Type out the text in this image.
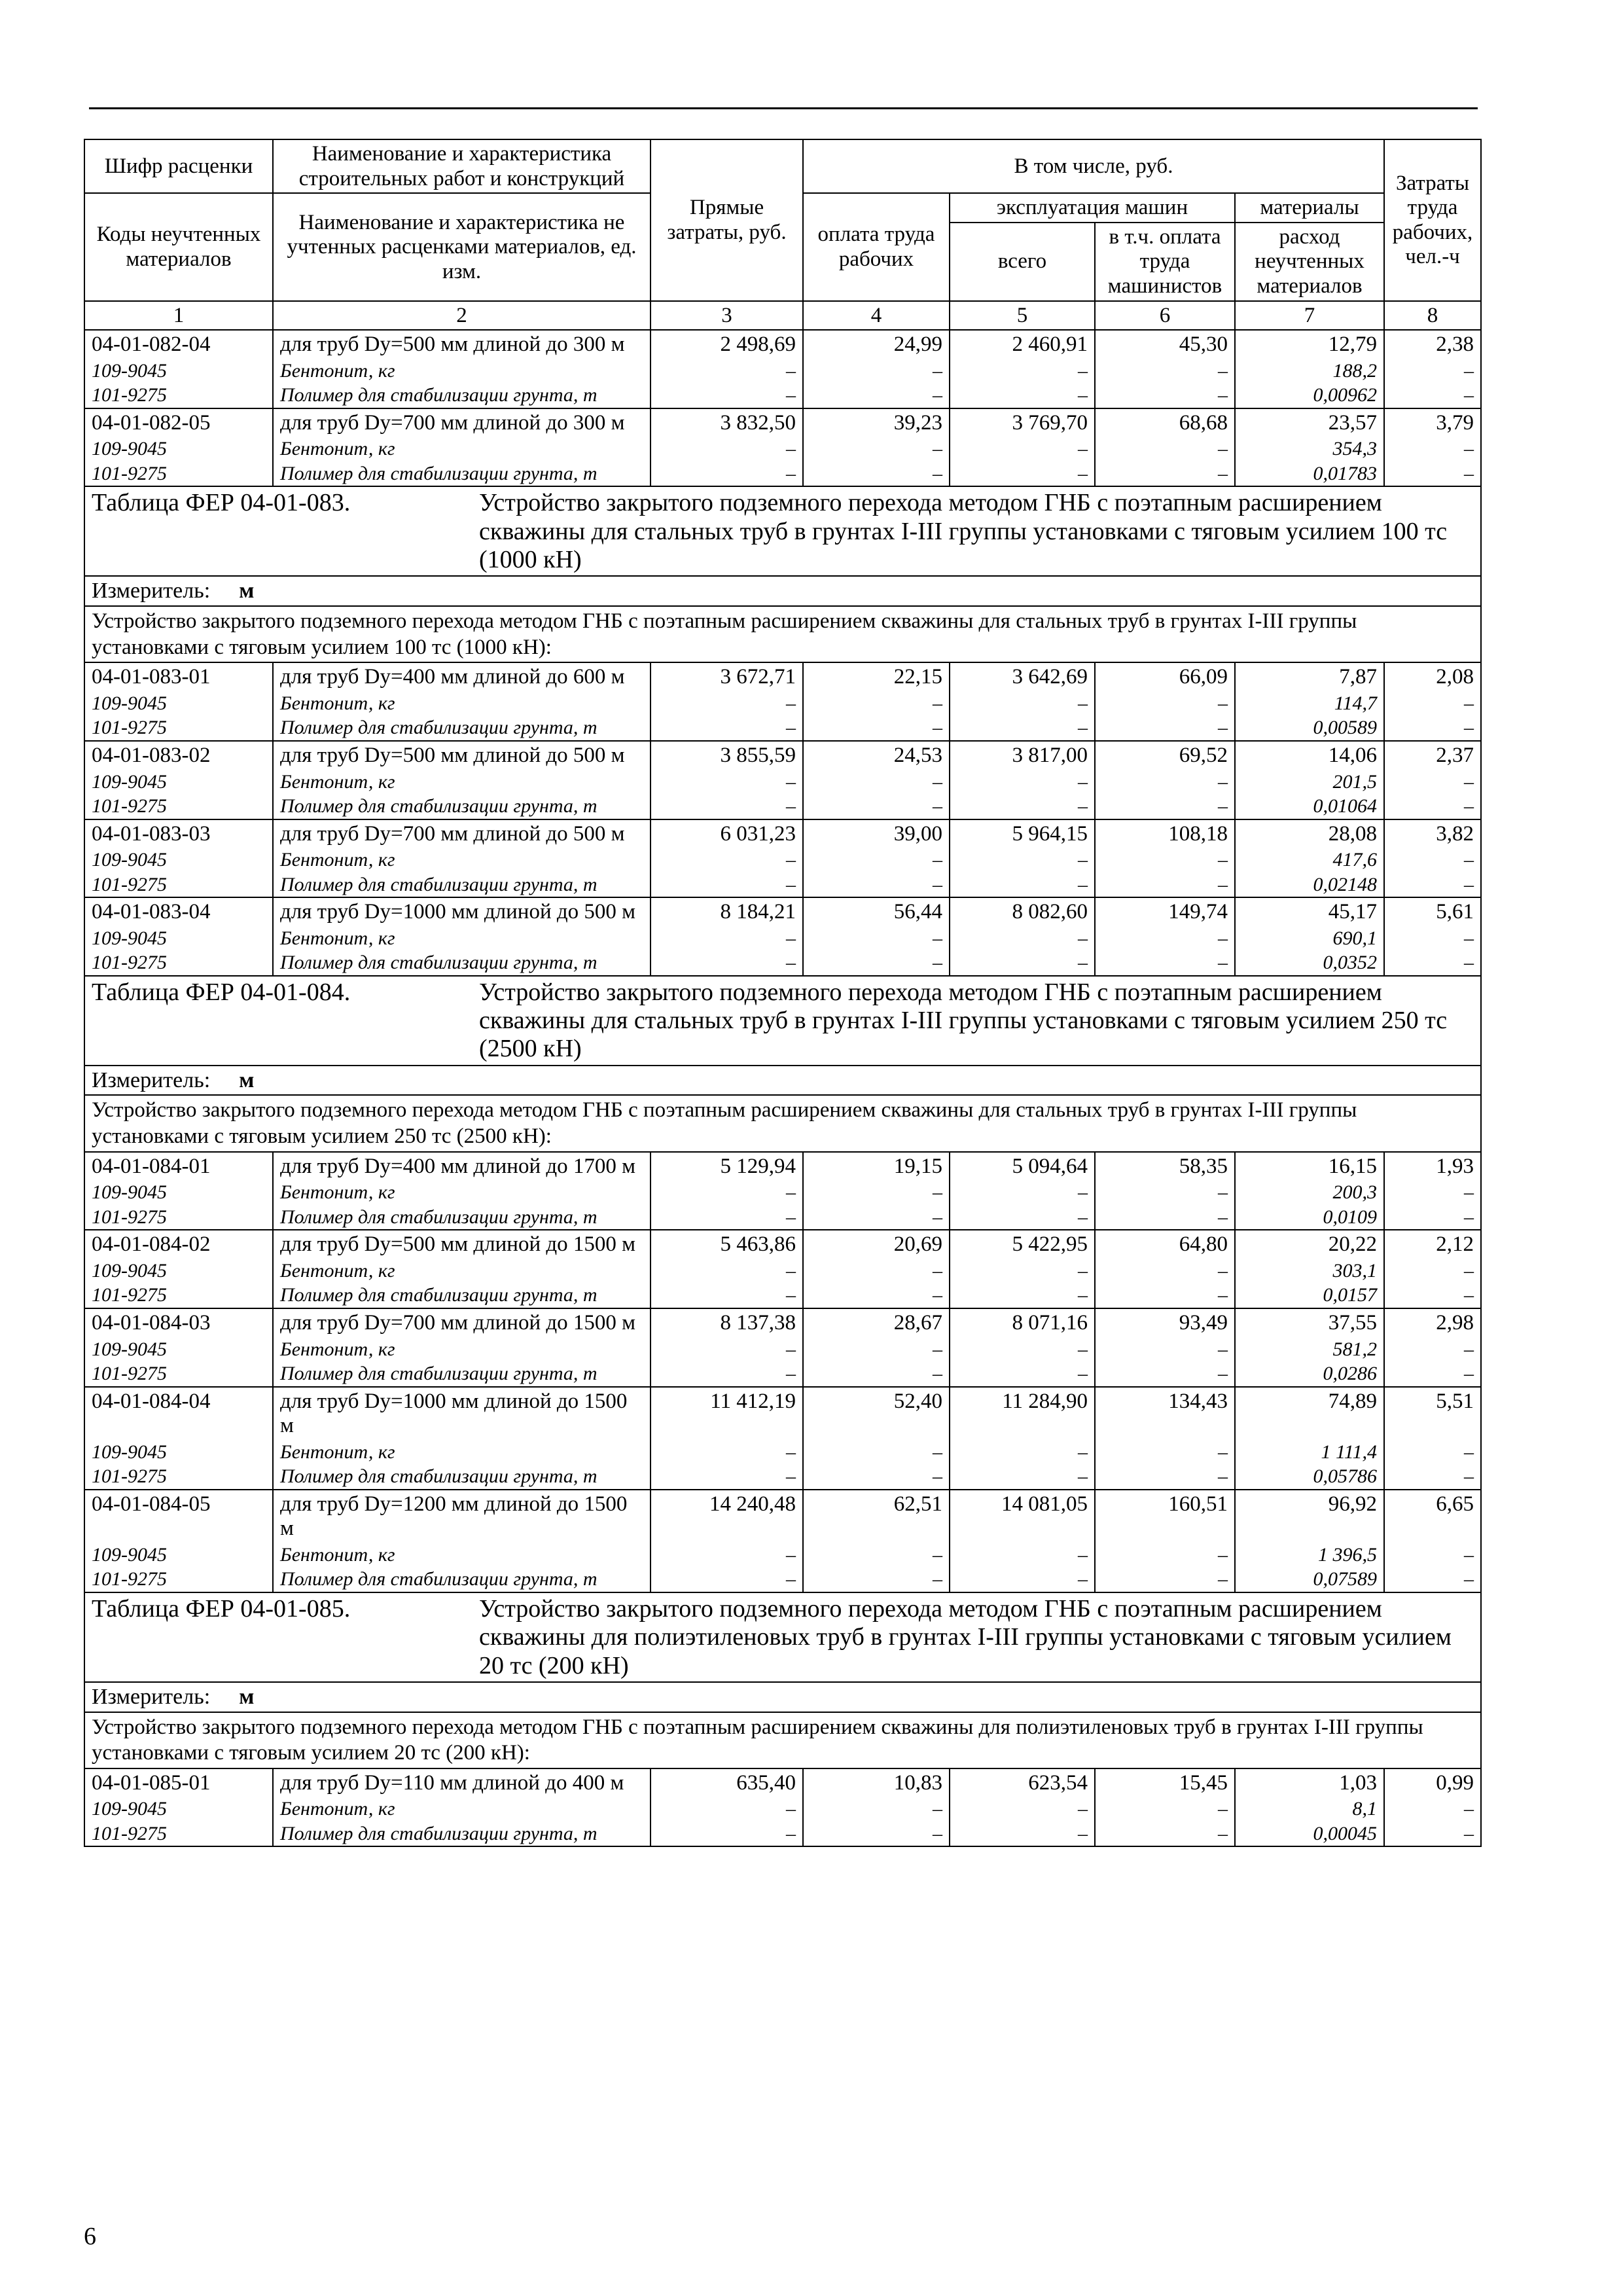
Шифр расценки	Наименование и характеристика строительных работ и конструкций	Прямые затраты, руб.	В том числе, руб.				Затраты труда рабочих, чел.-ч
Коды неучтенных материалов	Наименование и характеристика не учтенных расценками материалов, ед. изм.		оплата труда рабочих	эксплуатация машин		материалы	
				всего	в т.ч. оплата труда машинистов	расход неучтенных материалов	
1	2	3	4	5	6	7	8
04-01-082-04	для труб Dy=500 мм длиной до 300 м	2 498,69	24,99	2 460,91	45,30	12,79	2,38
109-9045	Бентонит, кг	–	–	–	–	188,2	–
101-9275	Полимер для стабилизации грунта, т	–	–	–	–	0,00962	–
04-01-082-05	для труб Dy=700 мм длиной до 300 м	3 832,50	39,23	3 769,70	68,68	23,57	3,79
109-9045	Бентонит, кг	–	–	–	–	354,3	–
101-9275	Полимер для стабилизации грунта, т	–	–	–	–	0,01783	–

Таблица ФЕР 04-01-083. Устройство закрытого подземного перехода методом ГНБ с поэтапным расширением скважины для стальных труб в грунтах I-III группы установками с тяговым усилием 100 тс (1000 кН)							

Измеритель: м							
Устройство закрытого подземного перехода методом ГНБ с поэтапным расширением скважины для стальных труб в грунтах I-III группы установками с тяговым усилием 100 тс (1000 кН):							
04-01-083-01	для труб Dy=400 мм длиной до 600 м	3 672,71	22,15	3 642,69	66,09	7,87	2,08
109-9045	Бентонит, кг	–	–	–	–	114,7	–
101-9275	Полимер для стабилизации грунта, т	–	–	–	–	0,00589	–
04-01-083-02	для труб Dy=500 мм длиной до 500 м	3 855,59	24,53	3 817,00	69,52	14,06	2,37
109-9045	Бентонит, кг	–	–	–	–	201,5	–
101-9275	Полимер для стабилизации грунта, т	–	–	–	–	0,01064	–
04-01-083-03	для труб Dy=700 мм длиной до 500 м	6 031,23	39,00	5 964,15	108,18	28,08	3,82
109-9045	Бентонит, кг	–	–	–	–	417,6	–
101-9275	Полимер для стабилизации грунта, т	–	–	–	–	0,02148	–
04-01-083-04	для труб Dy=1000 мм длиной до 500 м	8 184,21	56,44	8 082,60	149,74	45,17	5,61
109-9045	Бентонит, кг	–	–	–	–	690,1	–
101-9275	Полимер для стабилизации грунта, т	–	–	–	–	0,0352	–

Таблица ФЕР 04-01-084. Устройство закрытого подземного перехода методом ГНБ с поэтапным расширением скважины для стальных труб в грунтах I-III группы установками с тяговым усилием 250 тс (2500 кН)							

Измеритель: м							
Устройство закрытого подземного перехода методом ГНБ с поэтапным расширением скважины для стальных труб в грунтах I-III группы установками с тяговым усилием 250 тс (2500 кН):							
04-01-084-01	для труб Dy=400 мм длиной до 1700 м	5 129,94	19,15	5 094,64	58,35	16,15	1,93
109-9045	Бентонит, кг	–	–	–	–	200,3	–
101-9275	Полимер для стабилизации грунта, т	–	–	–	–	0,0109	–
04-01-084-02	для труб Dy=500 мм длиной до 1500 м	5 463,86	20,69	5 422,95	64,80	20,22	2,12
109-9045	Бентонит, кг	–	–	–	–	303,1	–
101-9275	Полимер для стабилизации грунта, т	–	–	–	–	0,0157	–
04-01-084-03	для труб Dy=700 мм длиной до 1500 м	8 137,38	28,67	8 071,16	93,49	37,55	2,98
109-9045	Бентонит, кг	–	–	–	–	581,2	–
101-9275	Полимер для стабилизации грунта, т	–	–	–	–	0,0286	–
04-01-084-04	для труб Dy=1000 мм длиной до 1500 м	11 412,19	52,40	11 284,90	134,43	74,89	5,51
109-9045	Бентонит, кг	–	–	–	–	1 111,4	–
101-9275	Полимер для стабилизации грунта, т	–	–	–	–	0,05786	–
04-01-084-05	для труб Dy=1200 мм длиной до 1500 м	14 240,48	62,51	14 081,05	160,51	96,92	6,65
109-9045	Бентонит, кг	–	–	–	–	1 396,5	–
101-9275	Полимер для стабилизации грунта, т	–	–	–	–	0,07589	–

Таблица ФЕР 04-01-085. Устройство закрытого подземного перехода методом ГНБ с поэтапным расширением скважины для полиэтиленовых труб в грунтах I-III группы установками с тяговым усилием 20 тс (200 кН)							

Измеритель: м							
Устройство закрытого подземного перехода методом ГНБ с поэтапным расширением скважины для полиэтиленовых труб в грунтах I-III группы установками с тяговым усилием 20 тс (200 кН):							
04-01-085-01	для труб Dy=110 мм длиной до 400 м	635,40	10,83	623,54	15,45	1,03	0,99
109-9045	Бентонит, кг	–	–	–	–	8,1	–
101-9275	Полимер для стабилизации грунта, т	–	–	–	–	0,00045	–
6
